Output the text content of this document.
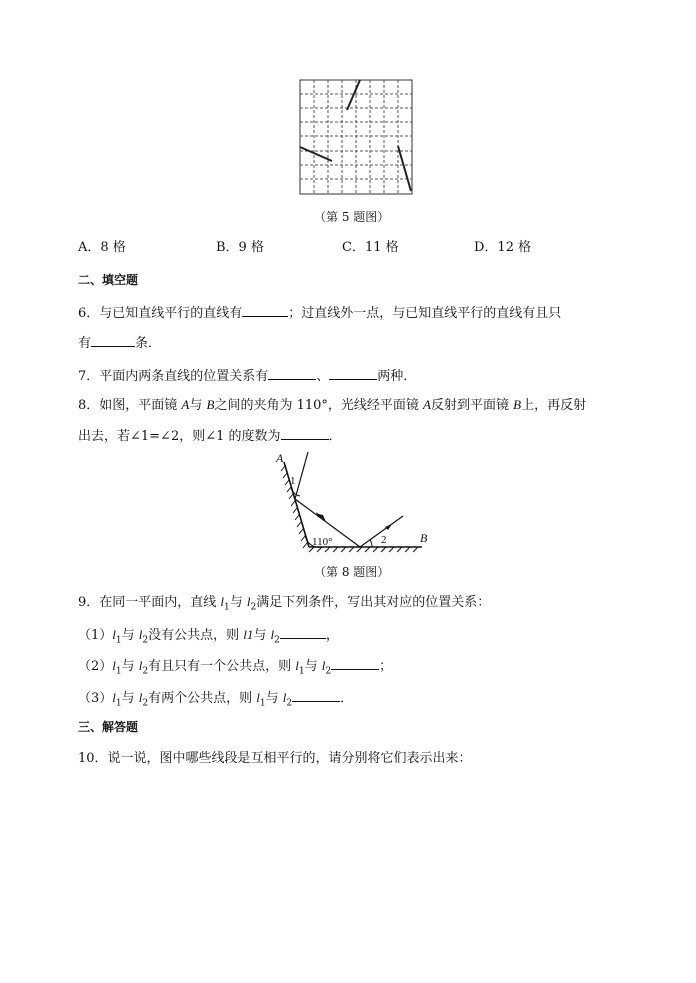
（第 5 题图）
A．8 格	B．9 格	C．11 格	D．12 格
二、填空题
6．与已知直线平行的直线有	；过直线外一点，与已知直线平行的直线有且只
有	条．
7．平面内两条直线的位置关系有	、	两种．
8．如图，平面镜 A与 B之间的夹角为 110°，光线经平面镜 A反射到平面镜 B上，再反射
出去，若∠1=∠2，则∠1 的度数为	．
A
1
110°	2	B
（第 8 题图）
9．在同一平面内，直线 $l_1$与 $l_2$满足下列条件，写出其对应的位置关系：
$(1)l_1$与 $l_2$没有公共点，则 l1与 $l_2$	，
$(2)l_1$与 $l_2$有且只有一个公共点，则 $l_1$与 $l_2$	；
$(3)l_1$与 $l_2$有两个公共点，则 $l_1$与 $l_2$	．
三、解答题
10．说一说，图中哪些线段是互相平行的，请分别将它们表示出来：
